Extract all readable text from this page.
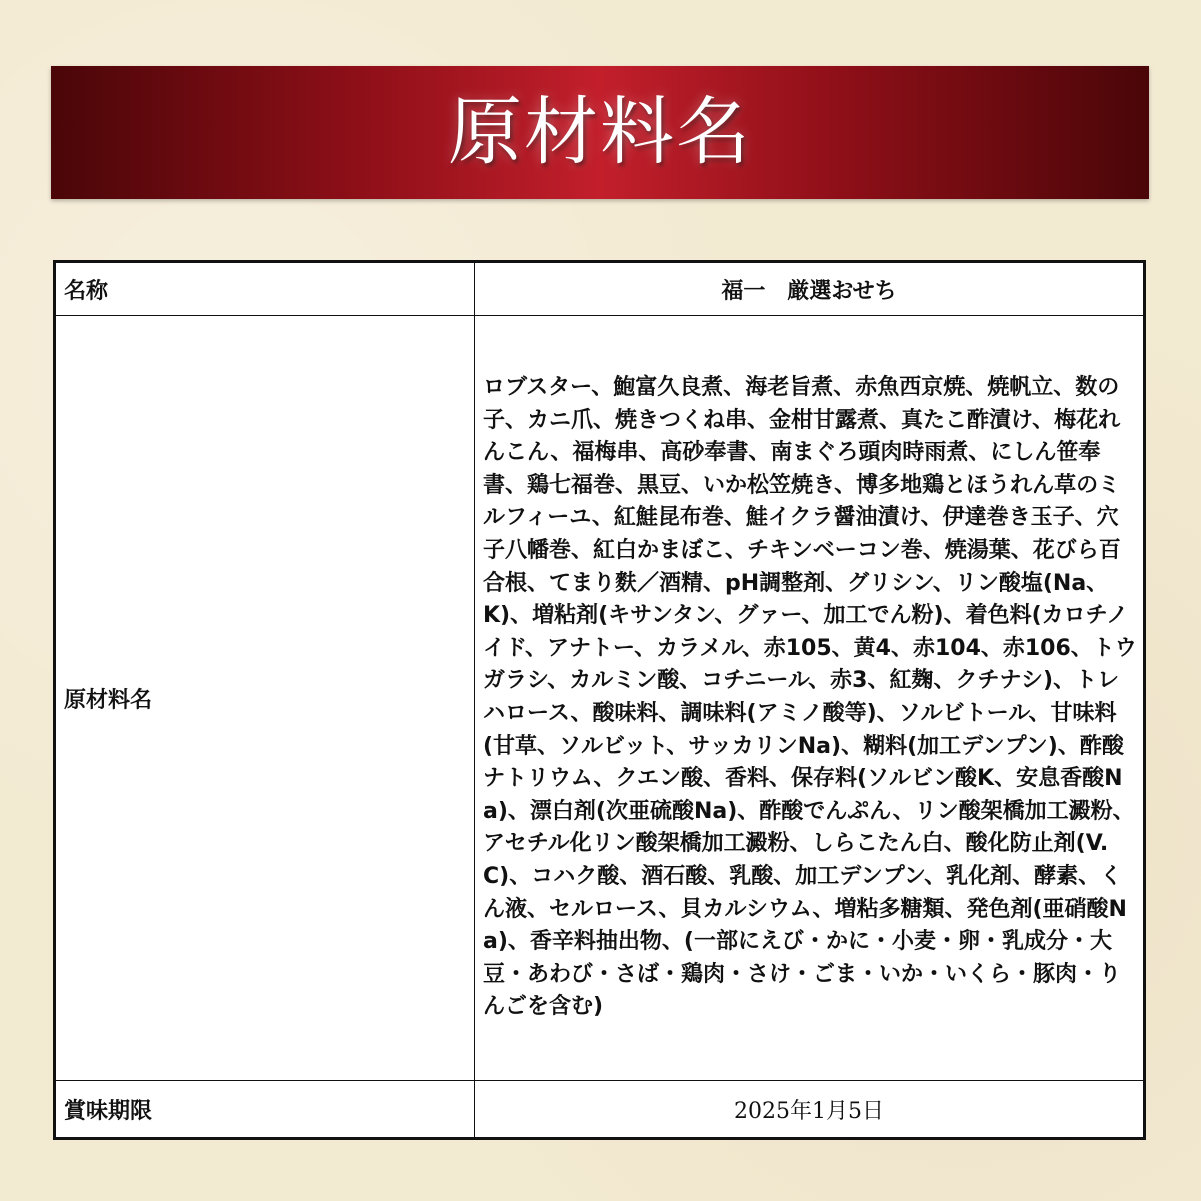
原材料名
名称	福一　厳選おせち
原材料名	ロブスター、鮑富久良煮、海老旨煮、赤魚西京焼、焼帆立、数の子、カニ爪、焼きつくね串、金柑甘露煮、真たこ酢漬け、梅花れんこん、福梅串、高砂奉書、南まぐろ頭肉時雨煮、にしん笹奉書、鶏七福巻、黒豆、いか松笠焼き、博多地鶏とほうれん草のミルフィーユ、紅鮭昆布巻、鮭イクラ醤油漬け、伊達巻き玉子、穴子八幡巻、紅白かまぼこ、チキンベーコン巻、焼湯葉、花びら百合根、てまり麩／酒精、pH調整剤、グリシン、リン酸塩(Na、K)、増粘剤(キサンタン、グァー、加工でん粉)、着色料(カロチノイド、アナトー、カラメル、赤105、黄4、赤104、赤106、トウガラシ、カルミン酸、コチニール、赤3、紅麹、クチナシ)、トレハロース、酸味料、調味料(アミノ酸等)、ソルビトール、甘味料(甘草、ソルビット、サッカリンNa)、糊料(加工デンプン)、酢酸ナトリウム、クエン酸、香料、保存料(ソルビン酸K、安息香酸Na)、漂白剤(次亜硫酸Na)、酢酸でんぷん、リン酸架橋加工澱粉、アセチル化リン酸架橋加工澱粉、しらこたん白、酸化防止剤(V.C)、コハク酸、酒石酸、乳酸、加工デンプン、乳化剤、酵素、くん液、セルロース、貝カルシウム、増粘多糖類、発色剤(亜硝酸Na)、香辛料抽出物、(一部にえび・かに・小麦・卵・乳成分・大豆・あわび・さば・鶏肉・さけ・ごま・いか・いくら・豚肉・りんごを含む)
賞味期限	2025年1月5日
